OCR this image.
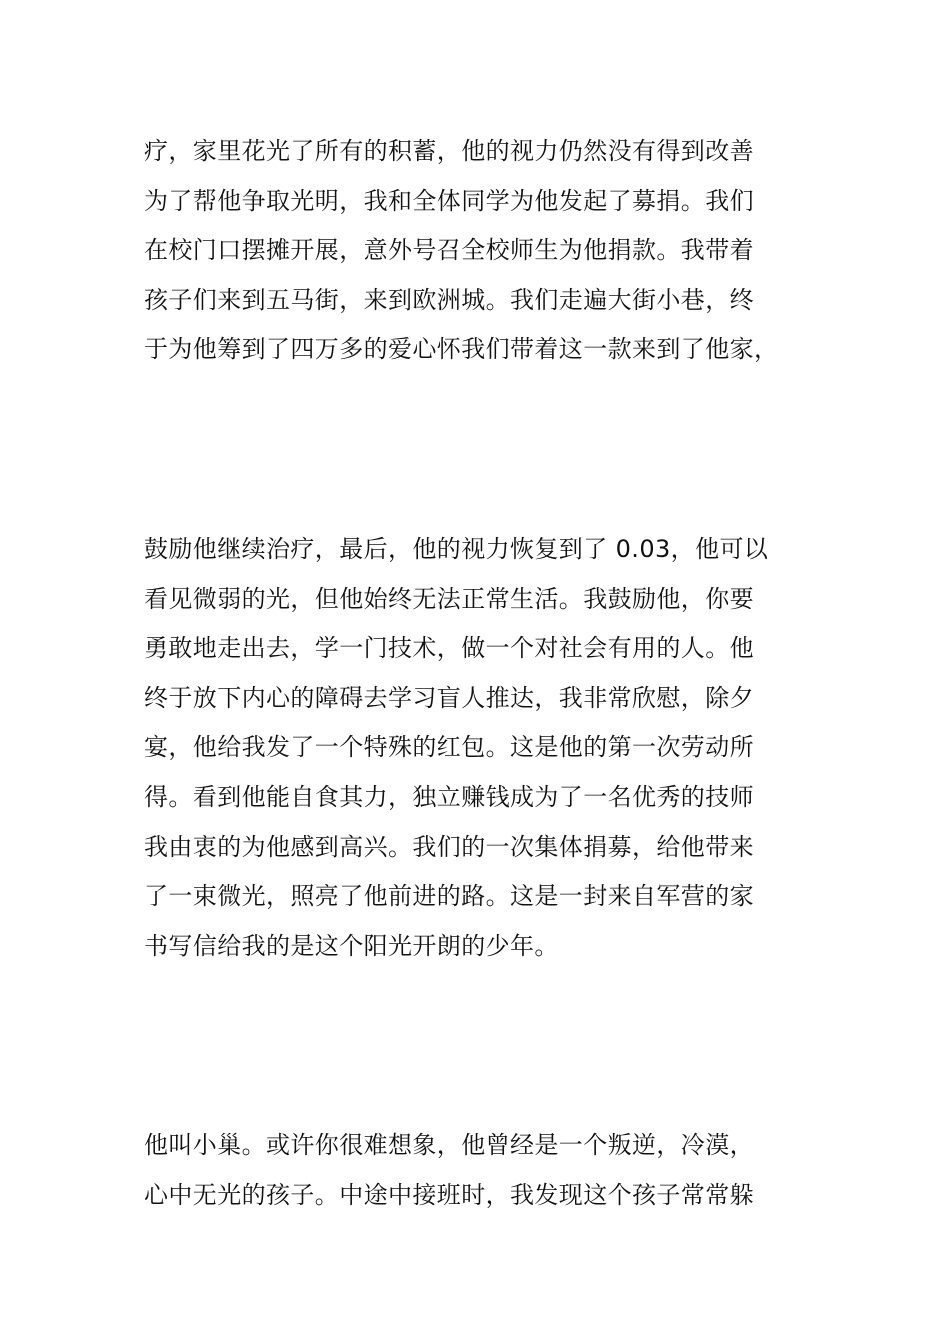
疗，家里花光了所有的积蓄，他的视力仍然没有得到改善
为了帮他争取光明，我和全体同学为他发起了募捐。我们
在校门口摆摊开展，意外号召全校师生为他捐款。我带着
孩子们来到五马街，来到欧洲城。我们走遍大街小巷，终
于为他筹到了四万多的爱心怀我们带着这一款来到了他家，
鼓励他继续治疗，最后，他的视力恢复到了 0.03，他可以
看见微弱的光，但他始终无法正常生活。我鼓励他，你要
勇敢地走出去，学一门技术，做一个对社会有用的人。他
终于放下内心的障碍去学习盲人推达，我非常欣慰，除夕
宴，他给我发了一个特殊的红包。这是他的第一次劳动所
得。看到他能自食其力，独立赚钱成为了一名优秀的技师
我由衷的为他感到高兴。我们的一次集体捐募，给他带来
了一束微光，照亮了他前进的路。这是一封来自军营的家
书写信给我的是这个阳光开朗的少年。
他叫小巢。或许你很难想象，他曾经是一个叛逆，冷漠，
心中无光的孩子。中途中接班时，我发现这个孩子常常躲
